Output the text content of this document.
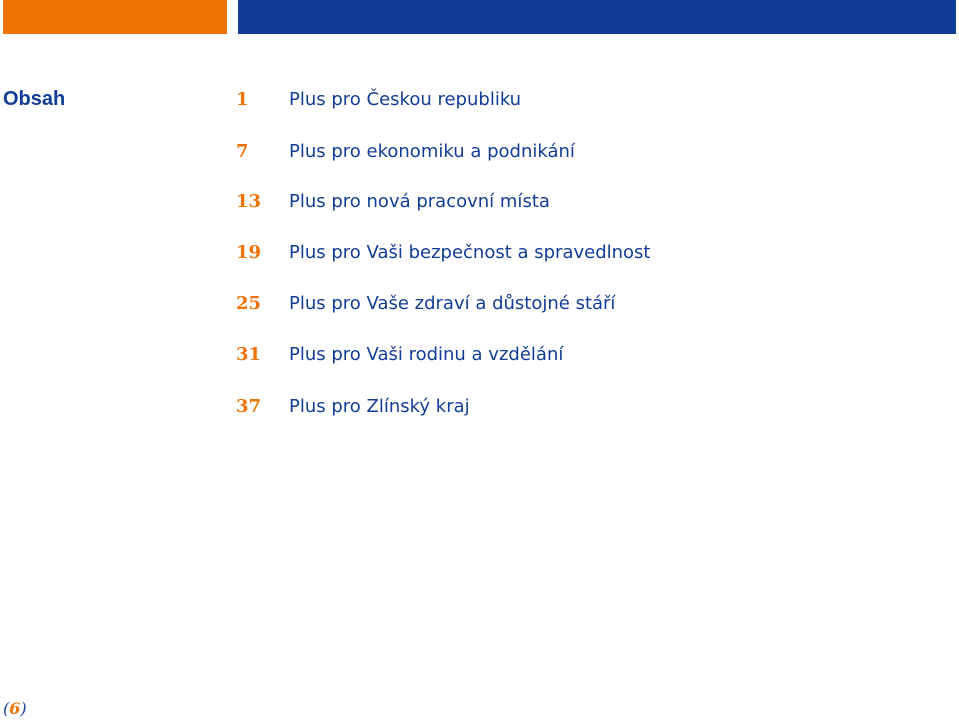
Obsah	1 Plus pro Českou republiku
7 Plus pro ekonomiku a podnikání
13 Plus pro nová pracovní místa
19 Plus pro Vaši bezpečnost a spravedlnost
25 Plus pro Vaše zdraví a důstojné stáří
31 Plus pro Vaši rodinu a vzdělání
37 Plus pro Zlínský kraj
(6)
